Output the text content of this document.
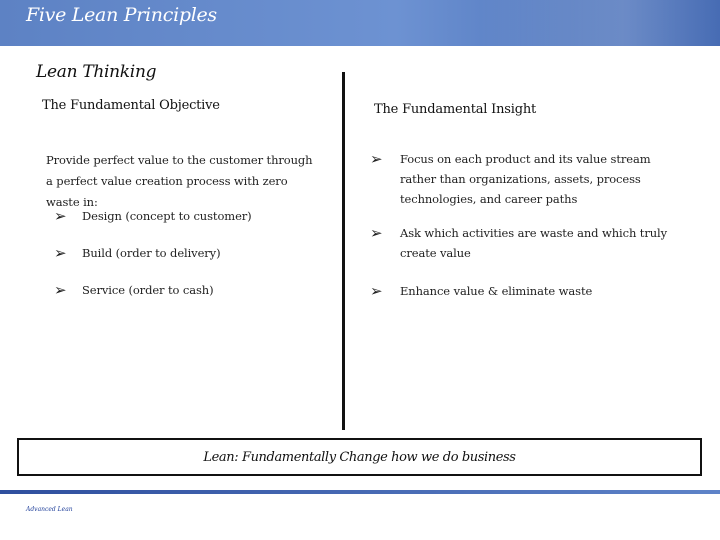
Five Lean Principles
Lean Thinking
The Fundamental Objective	The Fundamental Insight
Provide perfect value to the customer through a perfect value creation process with zero waste in:
➢ Design (concept to customer)
➢ Build (order to delivery)
➢ Service (order to cash)
➢ Focus on each product and its value stream rather than organizations, assets, process technologies, and career paths
➢ Ask which activities are waste and which truly create value
➢ Enhance value & eliminate waste
Lean: Fundamentally Change how we do business
Advanced Lean
